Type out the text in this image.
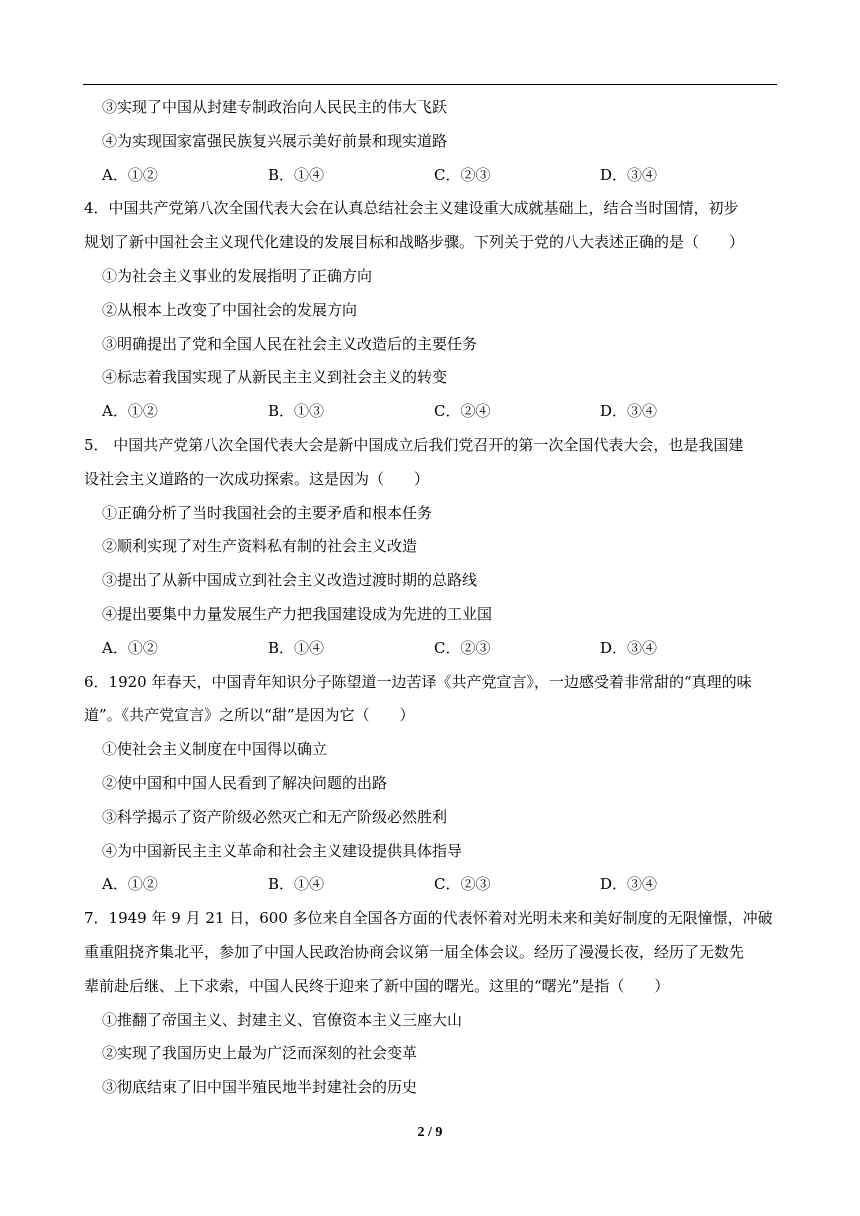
③实现了中国从封建专制政治向人民民主的伟大飞跃
④为实现国家富强民族复兴展示美好前景和现实道路
A．①②	B．①④	C．②③	D．③④
4．中国共产党第八次全国代表大会在认真总结社会主义建设重大成就基础上，结合当时国情，初步
规划了新中国社会主义现代化建设的发展目标和战略步骤。下列关于党的八大表述正确的是（　　）
①为社会主义事业的发展指明了正确方向
②从根本上改变了中国社会的发展方向
③明确提出了党和全国人民在社会主义改造后的主要任务
④标志着我国实现了从新民主主义到社会主义的转变
A．①②	B．①③	C．②④	D．③④
5． 中国共产党第八次全国代表大会是新中国成立后我们党召开的第一次全国代表大会，也是我国建
设社会主义道路的一次成功探索。这是因为（　　）
①正确分析了当时我国社会的主要矛盾和根本任务
②顺利实现了对生产资料私有制的社会主义改造
③提出了从新中国成立到社会主义改造过渡时期的总路线
④提出要集中力量发展生产力把我国建设成为先进的工业国
A．①②	B．①④	C．②③	D．③④
6．1920 年春天，中国青年知识分子陈望道一边苦译《共产党宣言》，一边感受着非常甜的“真理的味
道”。《共产党宣言》之所以“甜”是因为它（　　）
①使社会主义制度在中国得以确立
②使中国和中国人民看到了解决问题的出路
③科学揭示了资产阶级必然灭亡和无产阶级必然胜利
④为中国新民主主义革命和社会主义建设提供具体指导
A．①②	B．①④	C．②③	D．③④
7．1949 年 9 月 21 日，600 多位来自全国各方面的代表怀着对光明未来和美好制度的无限憧憬，冲破
重重阻挠齐集北平，参加了中国人民政治协商会议第一届全体会议。经历了漫漫长夜，经历了无数先
辈前赴后继、上下求索，中国人民终于迎来了新中国的曙光。这里的“曙光”是指（　　）
①推翻了帝国主义、封建主义、官僚资本主义三座大山
②实现了我国历史上最为广泛而深刻的社会变革
③彻底结束了旧中国半殖民地半封建社会的历史
2 / 9
